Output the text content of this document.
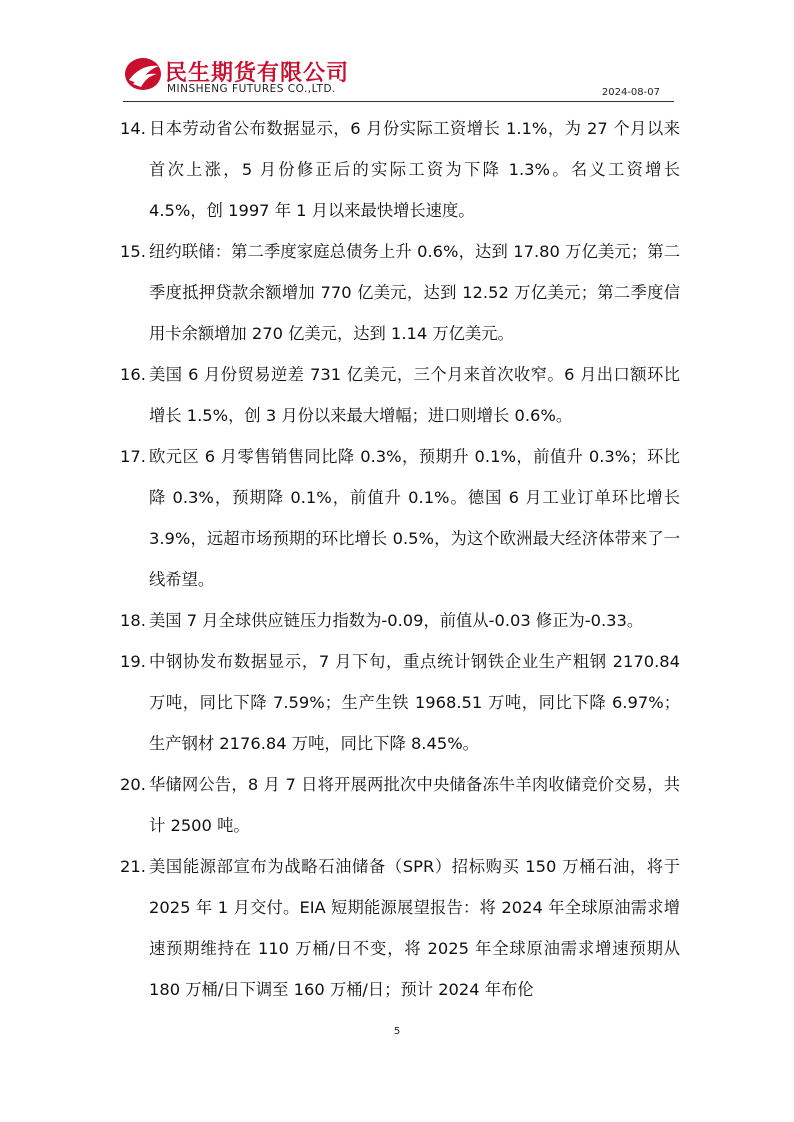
民生期货有限公司
MINSHENG FUTURES CO.,LTD.	2024-08-07
14. 日本劳动省公布数据显示，6 月份实际工资增长 1.1%，为 27 个月以来首次上涨，5 月份修正后的实际工资为下降 1.3%。名义工资增长 4.5%，创 1997 年 1 月以来最快增长速度。
15. 纽约联储：第二季度家庭总债务上升 0.6%，达到 17.80 万亿美元；第二季度抵押贷款余额增加 770 亿美元，达到 12.52 万亿美元；第二季度信用卡余额增加 270 亿美元，达到 1.14 万亿美元。
16. 美国 6 月份贸易逆差 731 亿美元，三个月来首次收窄。6 月出口额环比增长 1.5%，创 3 月份以来最大增幅；进口则增长 0.6%。
17. 欧元区 6 月零售销售同比降 0.3%，预期升 0.1%，前值升 0.3%；环比降 0.3%，预期降 0.1%，前值升 0.1%。德国 6 月工业订单环比增长 3.9%，远超市场预期的环比增长 0.5%，为这个欧洲最大经济体带来了一线希望。
18. 美国 7 月全球供应链压力指数为-0.09，前值从-0.03 修正为-0.33。
19. 中钢协发布数据显示，7 月下旬，重点统计钢铁企业生产粗钢 2170.84 万吨，同比下降 7.59%；生产生铁 1968.51 万吨，同比下降 6.97%；生产钢材 2176.84 万吨，同比下降 8.45%。
20. 华储网公告，8 月 7 日将开展两批次中央储备冻牛羊肉收储竞价交易，共计 2500 吨。
21. 美国能源部宣布为战略石油储备（SPR）招标购买 150 万桶石油，将于 2025 年 1 月交付。EIA 短期能源展望报告：将 2024 年全球原油需求增速预期维持在 110 万桶/日不变，将 2025 年全球原油需求增速预期从 180 万桶/日下调至 160 万桶/日；预计 2024 年布伦
5
